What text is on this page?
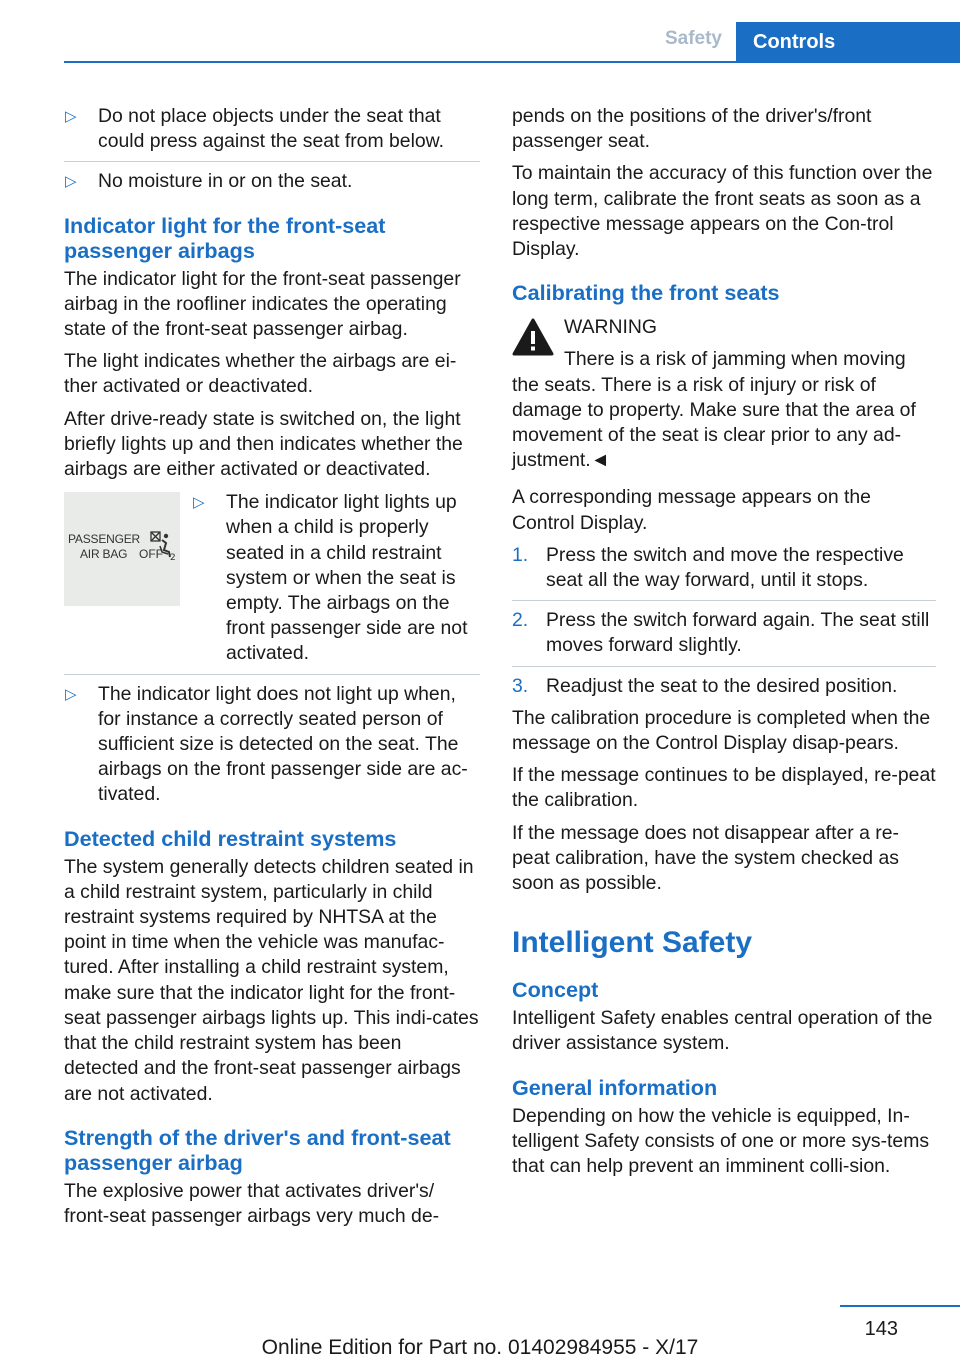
Safety	Controls
▷ Do not place objects under the seat that could press against the seat from below.
▷ No moisture in or on the seat.
Indicator light for the front-seat passenger airbags

The indicator light for the front-seat passenger airbag in the roofliner indicates the operating state of the front-seat passenger airbag.

The light indicates whether the airbags are ei‐ther activated or deactivated.

After drive-ready state is switched on, the light briefly lights up and then indicates whether the airbags are either activated or deactivated.

PASSENGER
AIR BAG OFF 2
▷ The indicator light lights up when a child is properly seated in a child restraint system or when the seat is empty. The airbags on the front passenger side are not activated.
▷ The indicator light does not light up when, for instance a correctly seated person of sufficient size is detected on the seat. The airbags on the front passenger side are ac‐tivated.
Detected child restraint systems

The system generally detects children seated in a child restraint system, particularly in child restraint systems required by NHTSA at the point in time when the vehicle was manufac‐tured. After installing a child restraint system, make sure that the indicator light for the front-seat passenger airbags lights up. This indi‐cates that the child restraint system has been detected and the front-seat passenger airbags are not activated.

Strength of the driver's and front-seat passenger airbag

The explosive power that activates driver's/ front-seat passenger airbags very much de‐

pends on the positions of the driver's/front passenger seat.

To maintain the accuracy of this function over the long term, calibrate the front seats as soon as a respective message appears on the Con‐trol Display.

Calibrating the front seats
WARNING

There is a risk of jamming when moving the seats. There is a risk of injury or risk of damage to property. Make sure that the area of movement of the seat is clear prior to any ad‐justment.◄

A corresponding message appears on the Control Display.

1. Press the switch and move the respective seat all the way forward, until it stops.
2. Press the switch forward again. The seat still moves forward slightly.
3. Readjust the seat to the desired position.

The calibration procedure is completed when the message on the Control Display disap‐pears.

If the message continues to be displayed, re‐peat the calibration.

If the message does not disappear after a re‐peat calibration, have the system checked as soon as possible.

Intelligent Safety
Concept

Intelligent Safety enables central operation of the driver assistance system.

General information

Depending on how the vehicle is equipped, In‐telligent Safety consists of one or more sys‐tems that can help prevent an imminent colli‐sion.

143
Online Edition for Part no. 01402984955 - X/17
